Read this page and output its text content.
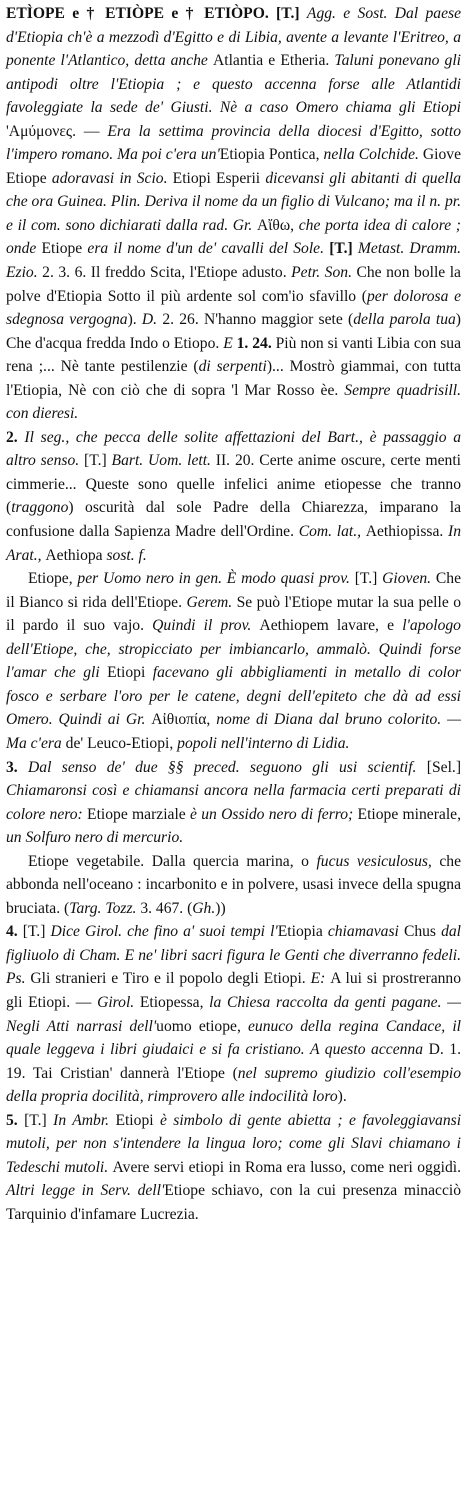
ETÌOPE e † ETIÒPE e † ETIÒPO. [T.] Agg. e Sost. Dal paese d'Etiopia ch'è a mezzodì d'Egitto e di Libia, avente a levante l'Eritreo, a ponente l'Atlantico, detta anche Atlantia e Etheria. Taluni ponevano gli antipodi oltre l'Etiopia ; e questo accenna forse alle Atlantidi favoleggiate la sede de' Giusti. Nè a caso Omero chiama gli Etiopi 'Αμύμονες. — Era la settima provincia della diocesi d'Egitto, sotto l'impero romano. Ma poi c'era un'Etiopia Pontica, nella Colchide. Giove Etiope adoravasi in Scio. Etiopi Esperii dicevansi gli abitanti di quella che ora Guinea. Plin. Deriva il nome da un figlio di Vulcano; ma il n. pr. e il com. sono dichiarati dalla rad. Gr. Αἴθω, che porta idea di calore ; onde Etiope era il nome d'un de' cavalli del Sole. [T.] Metast. Dramm. Ezio. 2. 3. 6. Il freddo Scita, l'Etiope adusto. Petr. Son. Che non bolle la polve d'Etiopia Sotto il più ardente sol com'io sfavillo (per dolorosa e sdegnosa vergogna). D. 2. 26. N'hanno maggior sete (della parola tua) Che d'acqua fredda Indo o Etiopo. E 1. 24. Più non si vanti Libia con sua rena ;... Nè tante pestilenzie (di serpenti)... Mostrò giammai, con tutta l'Etiopia, Nè con ciò che di sopra 'l Mar Rosso èe. Sempre quadrisill. con dieresi.

2. Il seg., che pecca delle solite affettazioni del Bart., è passaggio a altro senso. [T.] Bart. Uom. lett. II. 20. Certe anime oscure, certe menti cimmerie... Queste sono quelle infelici anime etiopesse che tranno (traggono) oscurità dal sole Padre della Chiarezza, imparano la confusione dalla Sapienza Madre dell'Ordine. Com. lat., Aethiopissa. In Arat., Aethiopa sost. f.

Etiope, per Uomo nero in gen. È modo quasi prov. [T.] Gioven. Che il Bianco si rida dell'Etiope. Gerem. Se può l'Etiope mutar la sua pelle o il pardo il suo vajo. Quindi il prov. Aethiopem lavare, e l'apologo dell'Etiope, che, stropicciato per imbiancarlo, ammalò. Quindi forse l'amar che gli Etiopi facevano gli abbigliamenti in metallo di color fosco e serbare l'oro per le catene, degni dell'epiteto che dà ad essi Omero. Quindi ai Gr. Αἰθιοπία, nome di Diana dal bruno colorito. — Ma c'era de' Leuco-Etiopi, popoli nell'interno di Lidia.

3. Dal senso de' due §§ preced. seguono gli usi scientif. [Sel.] Chiamaronsi così e chiamansi ancora nella farmacia certi preparati di colore nero: Etiope marziale è un Ossido nero di ferro; Etiope minerale, un Solfuro nero di mercurio.

Etiope vegetabile. Dalla quercia marina, o fucus vesiculosus, che abbonda nell'oceano : incarbonito e in polvere, usasi invece della spugna bruciata. (Targ. Tozz. 3. 467. (Gh.))

4. [T.] Dice Girol. che fino a' suoi tempi l'Etiopia chiamavasi Chus dal figliuolo di Cham. E ne' libri sacri figura le Genti che diverranno fedeli. Ps. Gli stranieri e Tiro e il popolo degli Etiopi. E: A lui si prostreranno gli Etiopi. — Girol. Etiopessa, la Chiesa raccolta da genti pagane. — Negli Atti narrasi dell'uomo etiope, eunuco della regina Candace, il quale leggeva i libri giudaici e si fa cristiano. A questo accenna D. 1. 19. Tai Cristian' dannerà l'Etiope (nel supremo giudizio coll'esempio della propria docilità, rimprovero alle indocilità loro).

5. [T.] In Ambr. Etiopi è simbolo di gente abietta ; e favoleggiavansi mutoli, per non s'intendere la lingua loro; come gli Slavi chiamano i Tedeschi mutoli. Avere servi etiopi in Roma era lusso, come neri oggidì. Altri legge in Serv. dell'Etiope schiavo, con la cui presenza minacciò Tarquinio d'infamare Lucrezia.
